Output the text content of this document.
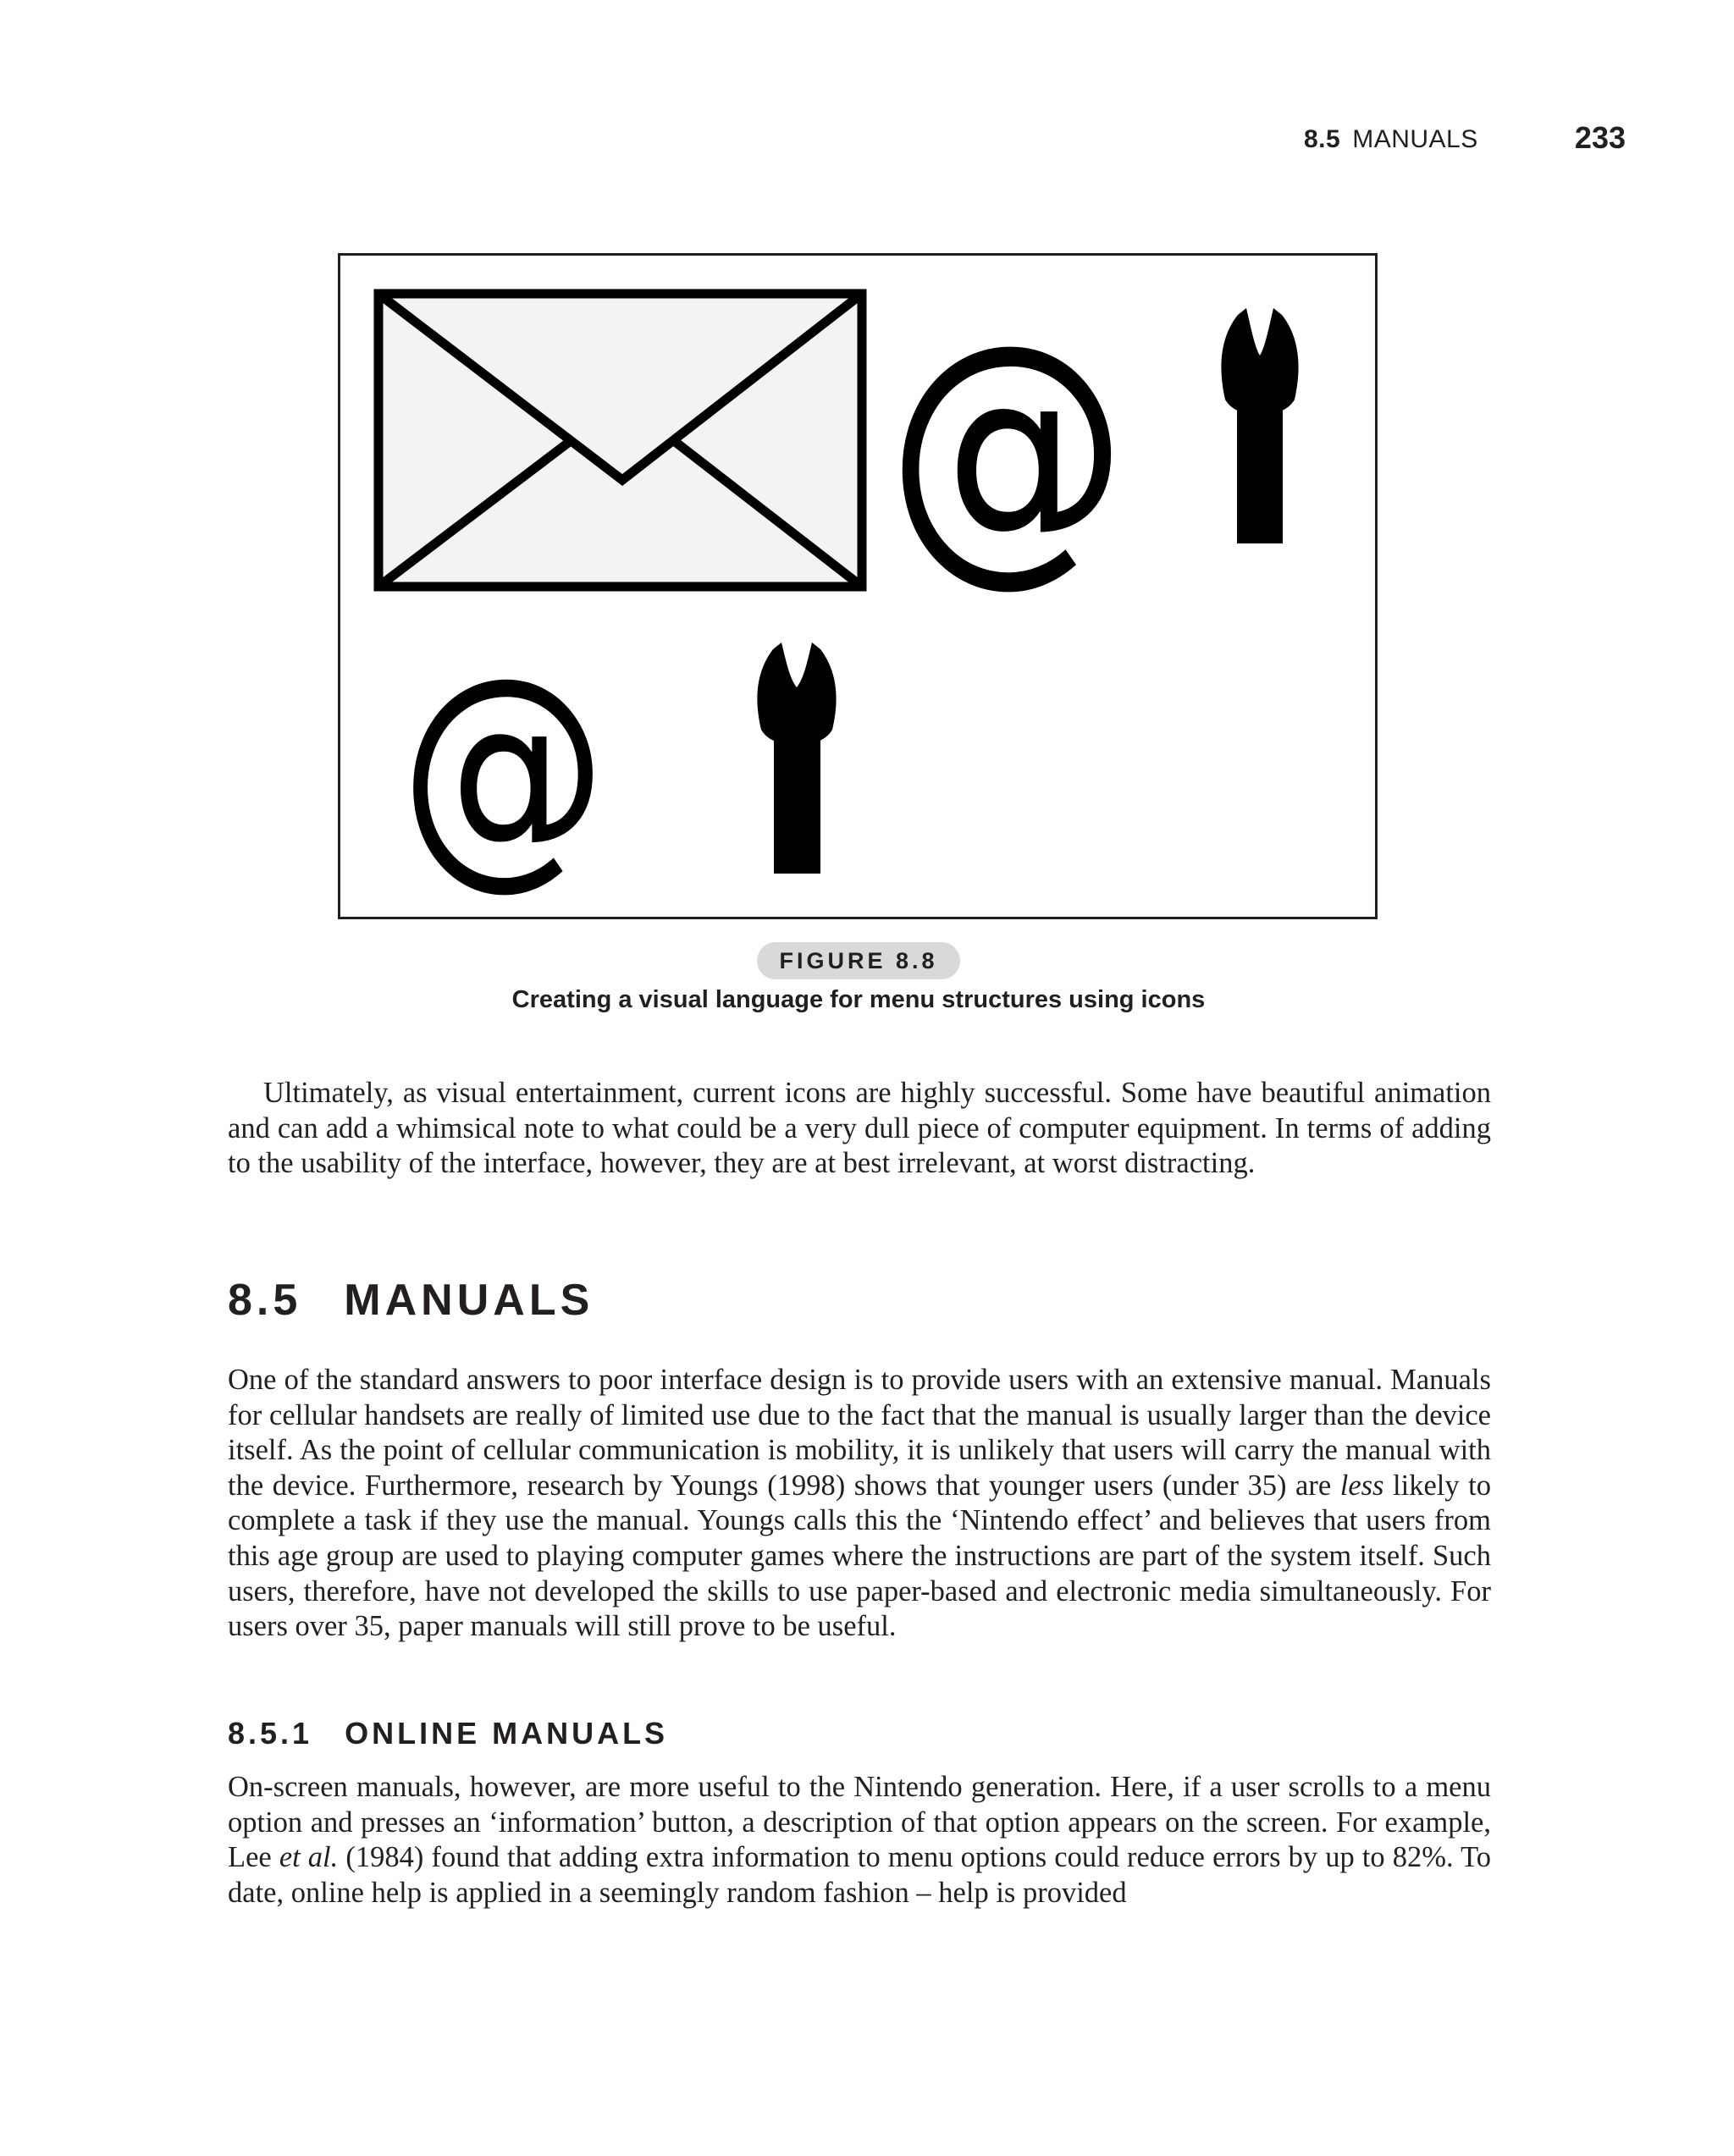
8.5 MANUALS	233
@
@
FIGURE 8.8
Creating a visual language for menu structures using icons

Ultimately, as visual entertainment, current icons are highly successful. Some have beautiful animation and can add a whimsical note to what could be a very dull piece of computer equipment. In terms of adding to the usability of the interface, however, they are at best irrelevant, at worst distracting.

8.5 MANUALS

One of the standard answers to poor interface design is to provide users with an extensive manual. Manuals for cellular handsets are really of limited use due to the fact that the manual is usually larger than the device itself. As the point of cellular communication is mobility, it is unlikely that users will carry the manual with the device. Furthermore, research by Youngs (1998) shows that younger users (under 35) are less likely to complete a task if they use the manual. Youngs calls this the ‘Nintendo effect’ and believes that users from this age group are used to playing computer games where the instructions are part of the system itself. Such users, therefore, have not developed the skills to use paper-based and electronic media simultaneously. For users over 35, paper manuals will still prove to be useful.

8.5.1 ONLINE MANUALS

On-screen manuals, however, are more useful to the Nintendo generation. Here, if a user scrolls to a menu option and presses an ‘information’ button, a description of that option appears on the screen. For example, Lee et al. (1984) found that adding extra information to menu options could reduce errors by up to 82%. To date, online help is applied in a seemingly random fashion – help is provided
